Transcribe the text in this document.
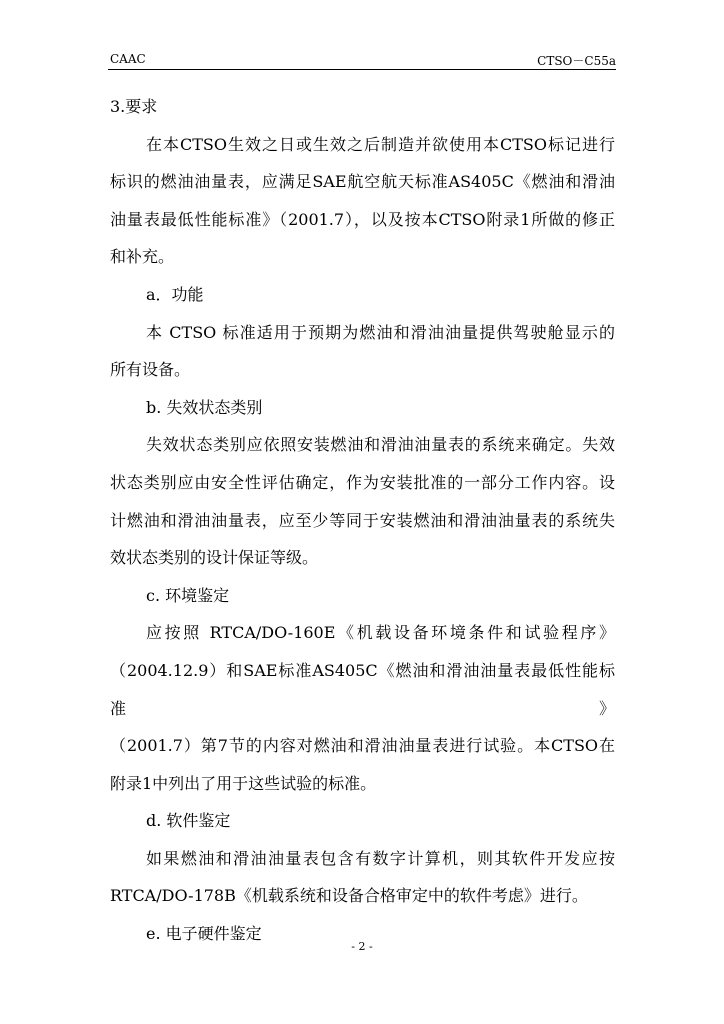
CAAC	CTSO－C55a
3.要求
在本CTSO生效之日或生效之后制造并欲使用本CTSO标记进行
标识的燃油油量表，应满足SAE航空航天标准AS405C《燃油和滑油
油量表最低性能标准》（2001.7），以及按本CTSO附录1所做的修正
和补充。
a．功能
本 CTSO 标准适用于预期为燃油和滑油油量提供驾驶舱显示的
所有设备。
b. 失效状态类别
失效状态类别应依照安装燃油和滑油油量表的系统来确定。失效
状态类别应由安全性评估确定，作为安装批准的一部分工作内容。设
计燃油和滑油油量表，应至少等同于安装燃油和滑油油量表的系统失
效状态类别的设计保证等级。
c. 环境鉴定
应按照 RTCA/DO-160E《机载设备环境条件和试验程序》
（2004.12.9）和SAE标准AS405C《燃油和滑油油量表最低性能标准》
（2001.7）第7节的内容对燃油和滑油油量表进行试验。本CTSO在
附录1中列出了用于这些试验的标准。
d. 软件鉴定
如果燃油和滑油油量表包含有数字计算机，则其软件开发应按
RTCA/DO-178B《机载系统和设备合格审定中的软件考虑》进行。
e. 电子硬件鉴定
- 2 -
